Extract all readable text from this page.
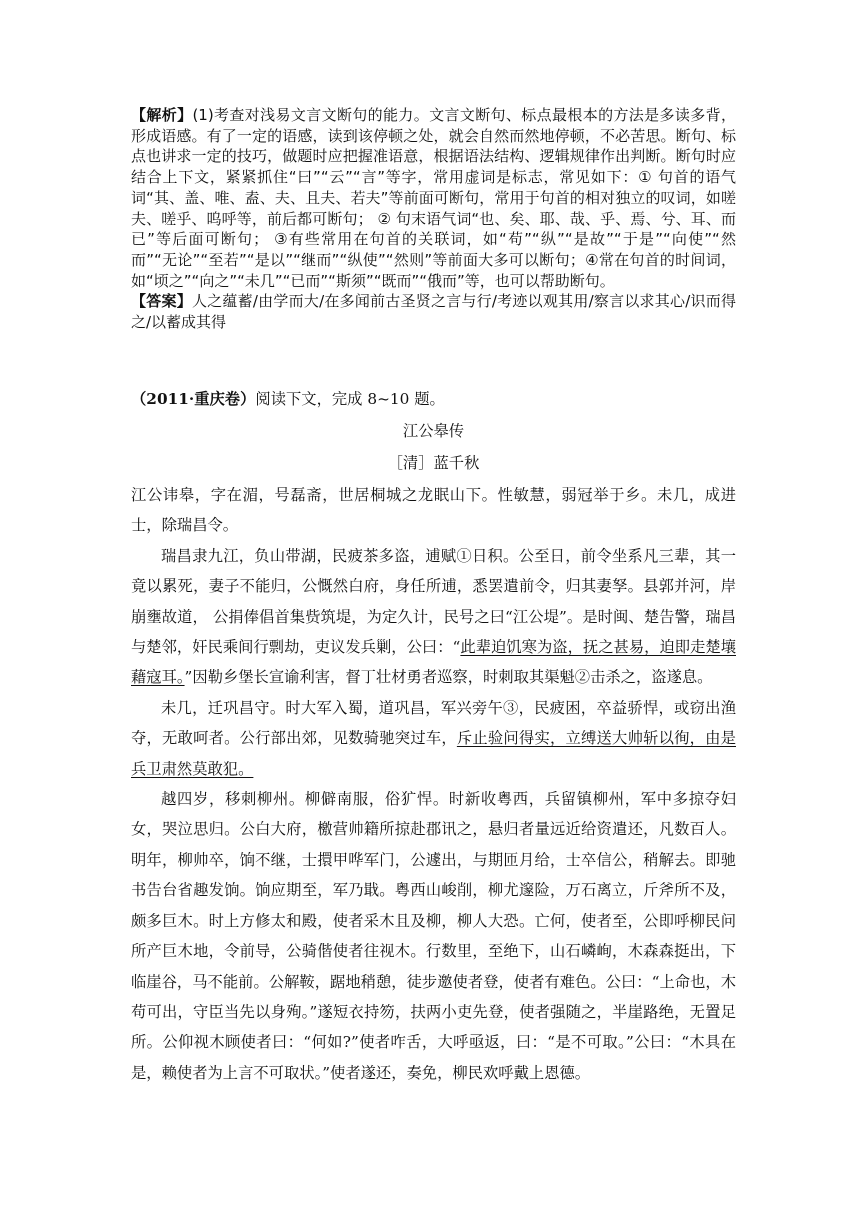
【解析】(1)考查对浅易文言文断句的能力。文言文断句、标点最根本的方法是多读多背，形成语感。有了一定的语感，读到该停顿之处，就会自然而然地停顿，不必苦思。断句、标点也讲求一定的技巧，做题时应把握准语意，根据语法结构、逻辑规律作出判断。断句时应结合上下文，紧紧抓住“曰”“云”“言”等字，常用虚词是标志，常见如下：① 句首的语气词“其、盖、唯、盍、夫、且夫、若夫”等前面可断句，常用于句首的相对独立的叹词，如嗟夫、嗟乎、呜呼等，前后都可断句； ② 句末语气词“也、矣、耶、哉、乎、焉、兮、耳、而已”等后面可断句； ③有些常用在句首的关联词，如“苟”“纵”“是故”“于是”“向使”“然而”“无论”“至若”“是以”“继而”“纵使”“然则”等前面大多可以断句；④常在句首的时间词，如“顷之”“向之”“未几”“已而”“斯须”“既而”“俄而”等，也可以帮助断句。

【答案】人之蕴蓄/由学而大/在多闻前古圣贤之言与行/考迹以观其用/察言以求其心/识而得之/以蓄成其得

（2011·重庆卷）阅读下文，完成 8~10 题。

江公皋传

［清］蓝千秋

江公讳皋，字在湄，号磊斋，世居桐城之龙眠山下。性敏慧，弱冠举于乡。未几，成进士，除瑞昌令。

瑞昌隶九江，负山带湖，民疲茶多盗，逋赋①日积。公至日，前令坐系凡三辈，其一竟以累死，妻子不能归，公慨然白府，身任所逋，悉罢遣前令，归其妻孥。县郭并河，岸崩壅故道， 公捐俸倡首集赀筑堤，为定久计，民号之曰“江公堤”。是时闽、楚告警，瑞昌与楚邻，奸民乘间行剽劫，吏议发兵剿，公曰：“此辈迫饥寒为盗，抚之甚易，迫即走楚壤藉寇耳。”因勒乡堡长宣谕利害，督丁壮材勇者巡察，时刺取其渠魁②击杀之，盗遂息。

未几，迁巩昌守。时大军入蜀，道巩昌，军兴旁午③，民疲困，卒益骄悍，或窃出渔夺，无敢呵者。公行部出郊，见数骑驰突过车，斥止验问得实，立缚送大帅斩以徇，由是兵卫肃然莫敢犯。

越四岁，移刺柳州。柳僻南服，俗犷悍。时新收粤西，兵留镇柳州，军中多掠夺妇女，哭泣思归。公白大府，檄营帅籍所掠赴郡讯之，悬归者量远近给资遣还，凡数百人。明年，柳帅卒，饷不继，士擐甲哗军门，公遽出，与期匝月给，士卒信公，稍解去。即驰书告台省趣发饷。饷应期至，军乃戢。粤西山峻削，柳尤邃险，万石离立，斤斧所不及，颇多巨木。时上方修太和殿，使者采木且及柳，柳人大恐。亡何，使者至，公即呼柳民问所产巨木地，令前导，公骑偕使者往视木。行数里，至绝下，山石嶙峋，木森森挺出，下临崖谷，马不能前。公解鞍，踞地稍憩，徒步邀使者登，使者有难色。公曰：“上命也，木苟可出，守臣当先以身殉。”遂短衣持笏，扶两小吏先登，使者强随之，半崖路绝，无置足所。公仰视木顾使者曰：“何如?”使者咋舌，大呼亟返，曰：“是不可取。”公曰：“木具在是，赖使者为上言不可取状。”使者遂还，奏免，柳民欢呼戴上恩德。
